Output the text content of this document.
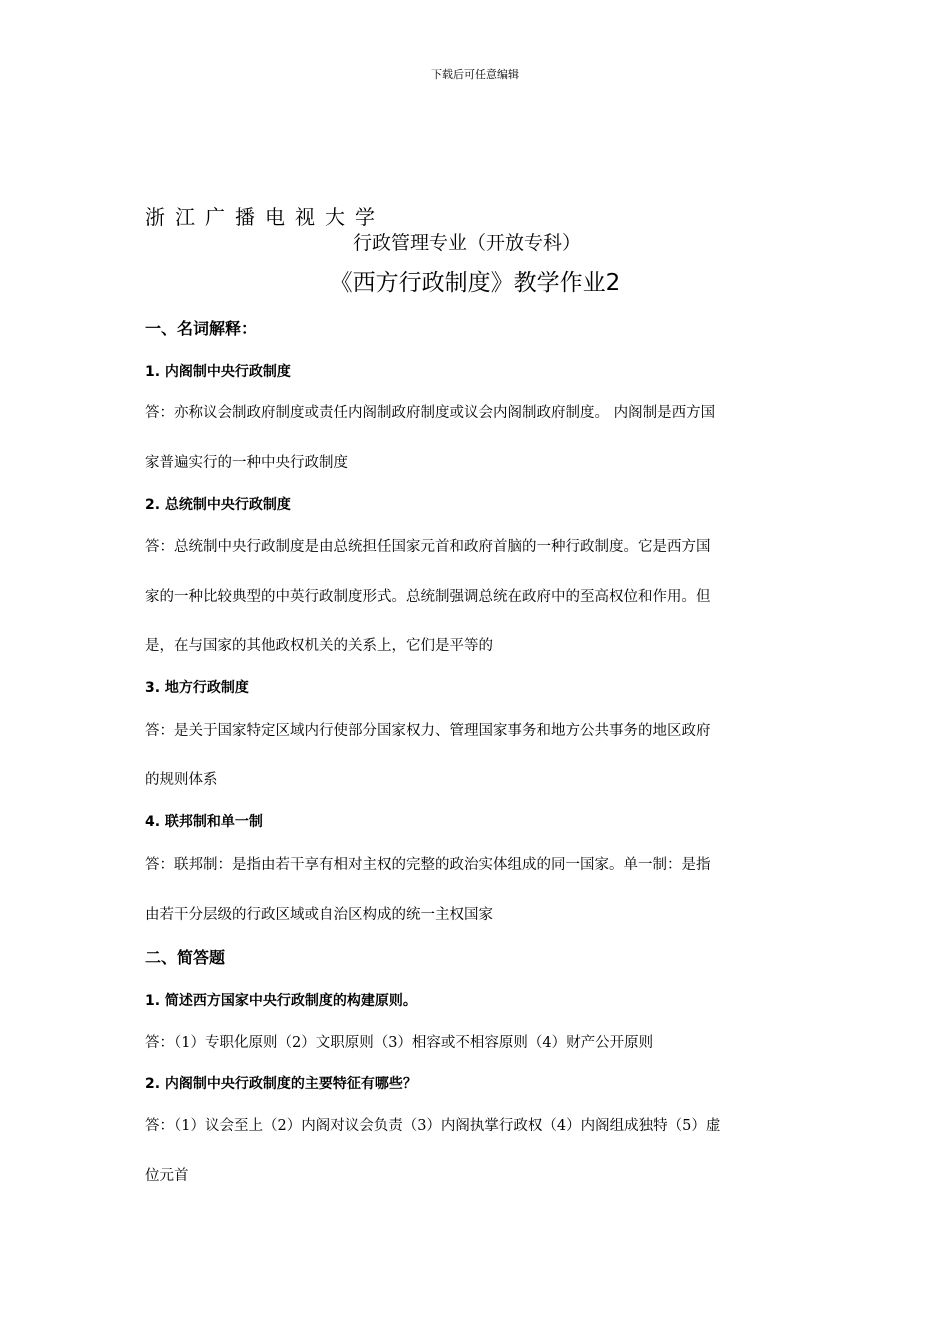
下载后可任意编辑
浙江广播电视大学
行政管理专业（开放专科）
《西方行政制度》教学作业2
一、名词解释：
1. 内阁制中央行政制度
答：亦称议会制政府制度或责任内阁制政府制度或议会内阁制政府制度。 内阁制是西方国
家普遍实行的一种中央行政制度
2. 总统制中央行政制度
答：总统制中央行政制度是由总统担任国家元首和政府首脑的一种行政制度。它是西方国
家的一种比较典型的中英行政制度形式。总统制强调总统在政府中的至高权位和作用。但
是，在与国家的其他政权机关的关系上，它们是平等的
3. 地方行政制度
答：是关于国家特定区域内行使部分国家权力、管理国家事务和地方公共事务的地区政府
的规则体系
4. 联邦制和单一制
答：联邦制：是指由若干享有相对主权的完整的政治实体组成的同一国家。单一制：是指
由若干分层级的行政区域或自治区构成的统一主权国家
二、简答题
1. 简述西方国家中央行政制度的构建原则。
答：（1）专职化原则（2）文职原则（3）相容或不相容原则（4）财产公开原则
2. 内阁制中央行政制度的主要特征有哪些？
答：（1）议会至上（2）内阁对议会负责（3）内阁执掌行政权（4）内阁组成独特（5）虚
位元首
